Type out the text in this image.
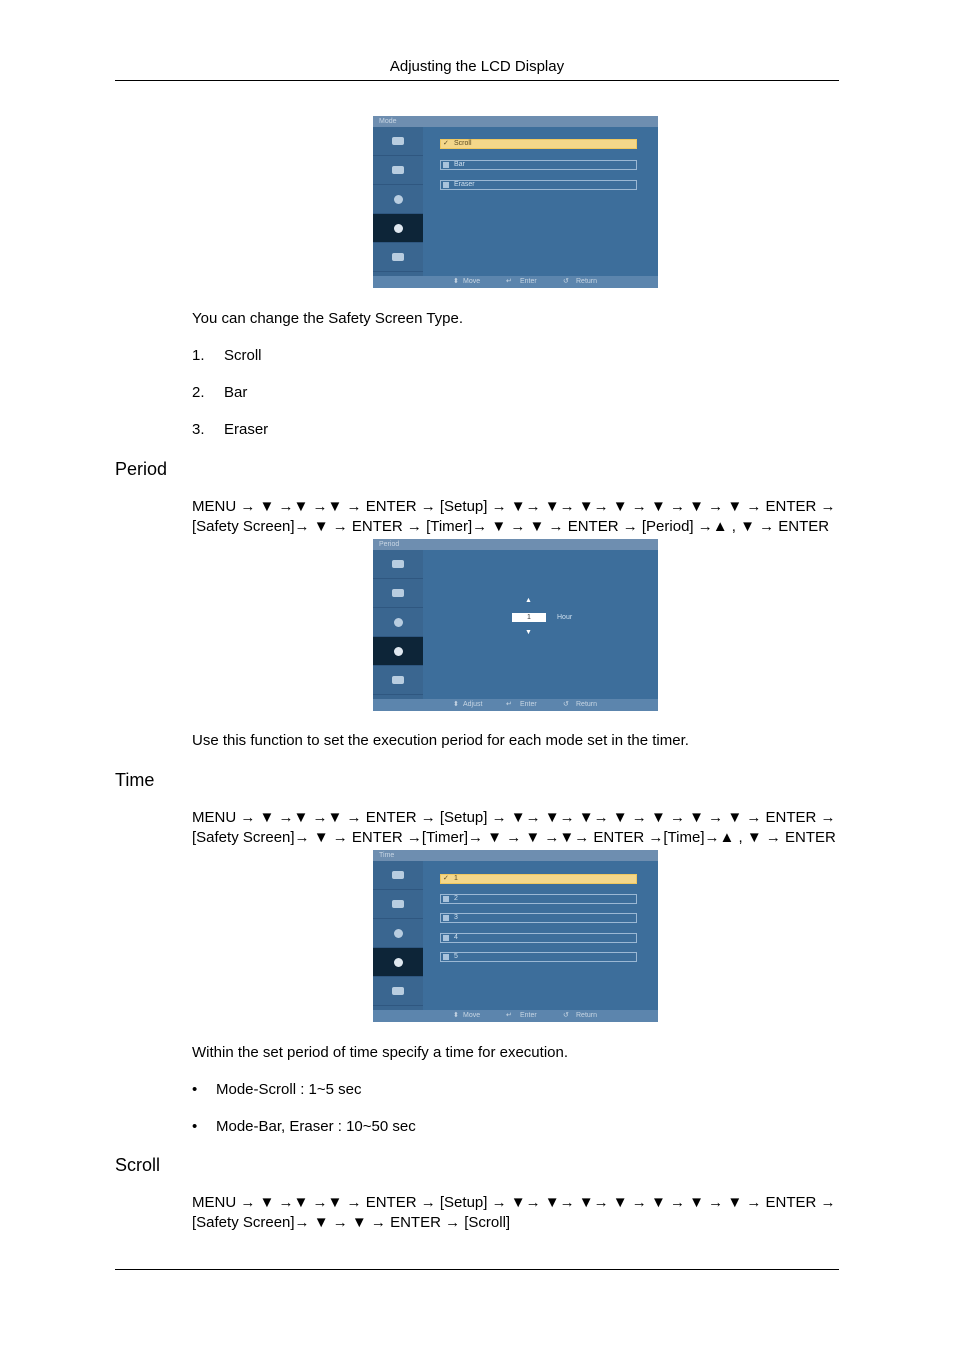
Adjusting the LCD Display
Mode
✓ Scroll
Bar
Eraser
⬍ Move	↵ Enter	↺ Return
You can change the Safety Screen Type.
1. Scroll
2. Bar
3. Eraser
Period
MENU → ▼ →▼ →▼ → ENTER → [Setup] → ▼→ ▼→ ▼→ ▼ → ▼ → ▼ → ▼ → ENTER →
[Safety Screen]→ ▼ → ENTER → [Timer]→ ▼ → ▼ → ENTER → [Period] →▲ , ▼ → ENTER
Period
▲
1	Hour
▼
⬍ Adjust	↵ Enter	↺ Return
Use this function to set the execution period for each mode set in the timer.
Time
MENU → ▼ →▼ →▼ → ENTER → [Setup] → ▼→ ▼→ ▼→ ▼ → ▼ → ▼ → ▼ → ENTER →
[Safety Screen]→ ▼ → ENTER →[Timer]→ ▼ → ▼ →▼→ ENTER →[Time]→▲ , ▼ → ENTER
Time
✓ 1
2
3
4
5
⬍ Move	↵ Enter	↺ Return
Within the set period of time specify a time for execution.
• Mode-Scroll : 1~5 sec
• Mode-Bar, Eraser : 10~50 sec
Scroll
MENU → ▼ →▼ →▼ → ENTER → [Setup] → ▼→ ▼→ ▼→ ▼ → ▼ → ▼ → ▼ → ENTER →
[Safety Screen]→ ▼ → ▼ → ENTER → [Scroll]
